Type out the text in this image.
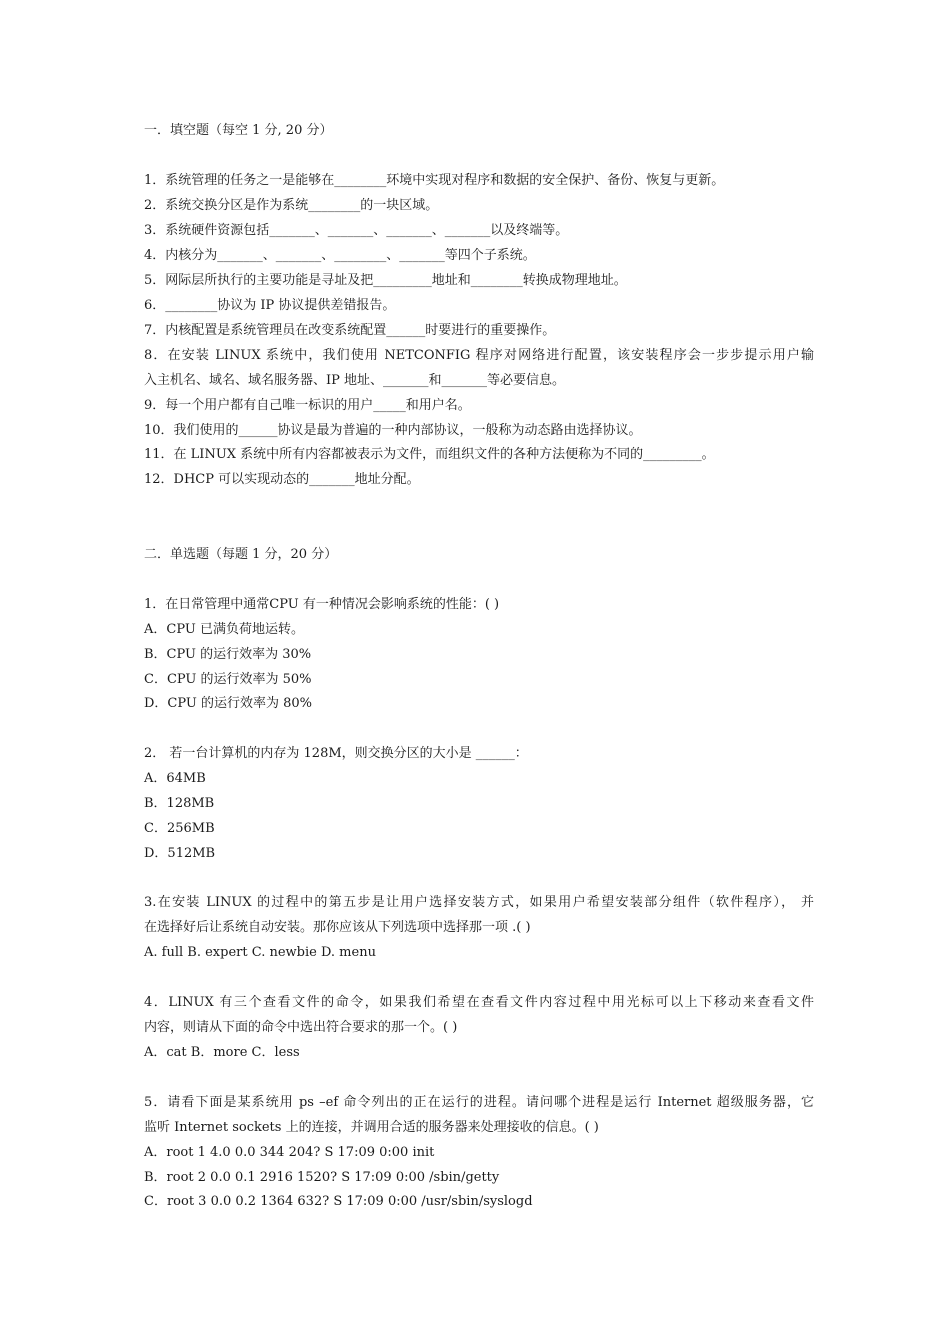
一．填空题（每空 1 分, 20 分）
1．系统管理的任务之一是能够在________环境中实现对程序和数据的安全保护、备份、恢复与更新。
2．系统交换分区是作为系统________的一块区域。
3．系统硬件资源包括_______、_______、_______、_______以及终端等。
4．内核分为_______、_______、________、_______等四个子系统。
5．网际层所执行的主要功能是寻址及把_________地址和________转换成物理地址。
6．________协议为 IP 协议提供差错报告。
7．内核配置是系统管理员在改变系统配置______时要进行的重要操作。
8．在安装 LINUX 系统中，我们使用 NETCONFIG 程序对网络进行配置，该安装程序会一步步提示用户输
入主机名、域名、域名服务器、IP 地址、_______和_______等必要信息。
9．每一个用户都有自己唯一标识的用户_____和用户名。
10．我们使用的______协议是最为普遍的一种内部协议，一般称为动态路由选择协议。
11．在 LINUX 系统中所有内容都被表示为文件，而组织文件的各种方法便称为不同的_________。
12．DHCP 可以实现动态的_______地址分配。
二．单选题（每题 1 分，20 分）
1．在日常管理中通常CPU 有一种情况会影响系统的性能：( )
A．CPU 已满负荷地运转。
B．CPU 的运行效率为 30%
C．CPU 的运行效率为 50%
D．CPU 的运行效率为 80%
2． 若一台计算机的内存为 128M，则交换分区的大小是 ______：
A．64MB
B．128MB
C．256MB
D．512MB
3.在安装 LINUX 的过程中的第五步是让用户选择安装方式，如果用户希望安装部分组件（软件程序）， 并
在选择好后让系统自动安装。那你应该从下列选项中选择那一项 .( )
A. full B. expert C. newbie D. menu
4．LINUX 有三个查看文件的命令，如果我们希望在查看文件内容过程中用光标可以上下移动来查看文件
内容，则请从下面的命令中选出符合要求的那一个。( )
A．cat B．more C．less
5．请看下面是某系统用 ps –ef 命令列出的正在运行的进程。请问哪个进程是运行 Internet 超级服务器，它
监听 Internet sockets 上的连接，并调用合适的服务器来处理接收的信息。( )
A．root 1 4.0 0.0 344 204? S 17:09 0:00 init
B．root 2 0.0 0.1 2916 1520? S 17:09 0:00 /sbin/getty
C．root 3 0.0 0.2 1364 632? S 17:09 0:00 /usr/sbin/syslogd
